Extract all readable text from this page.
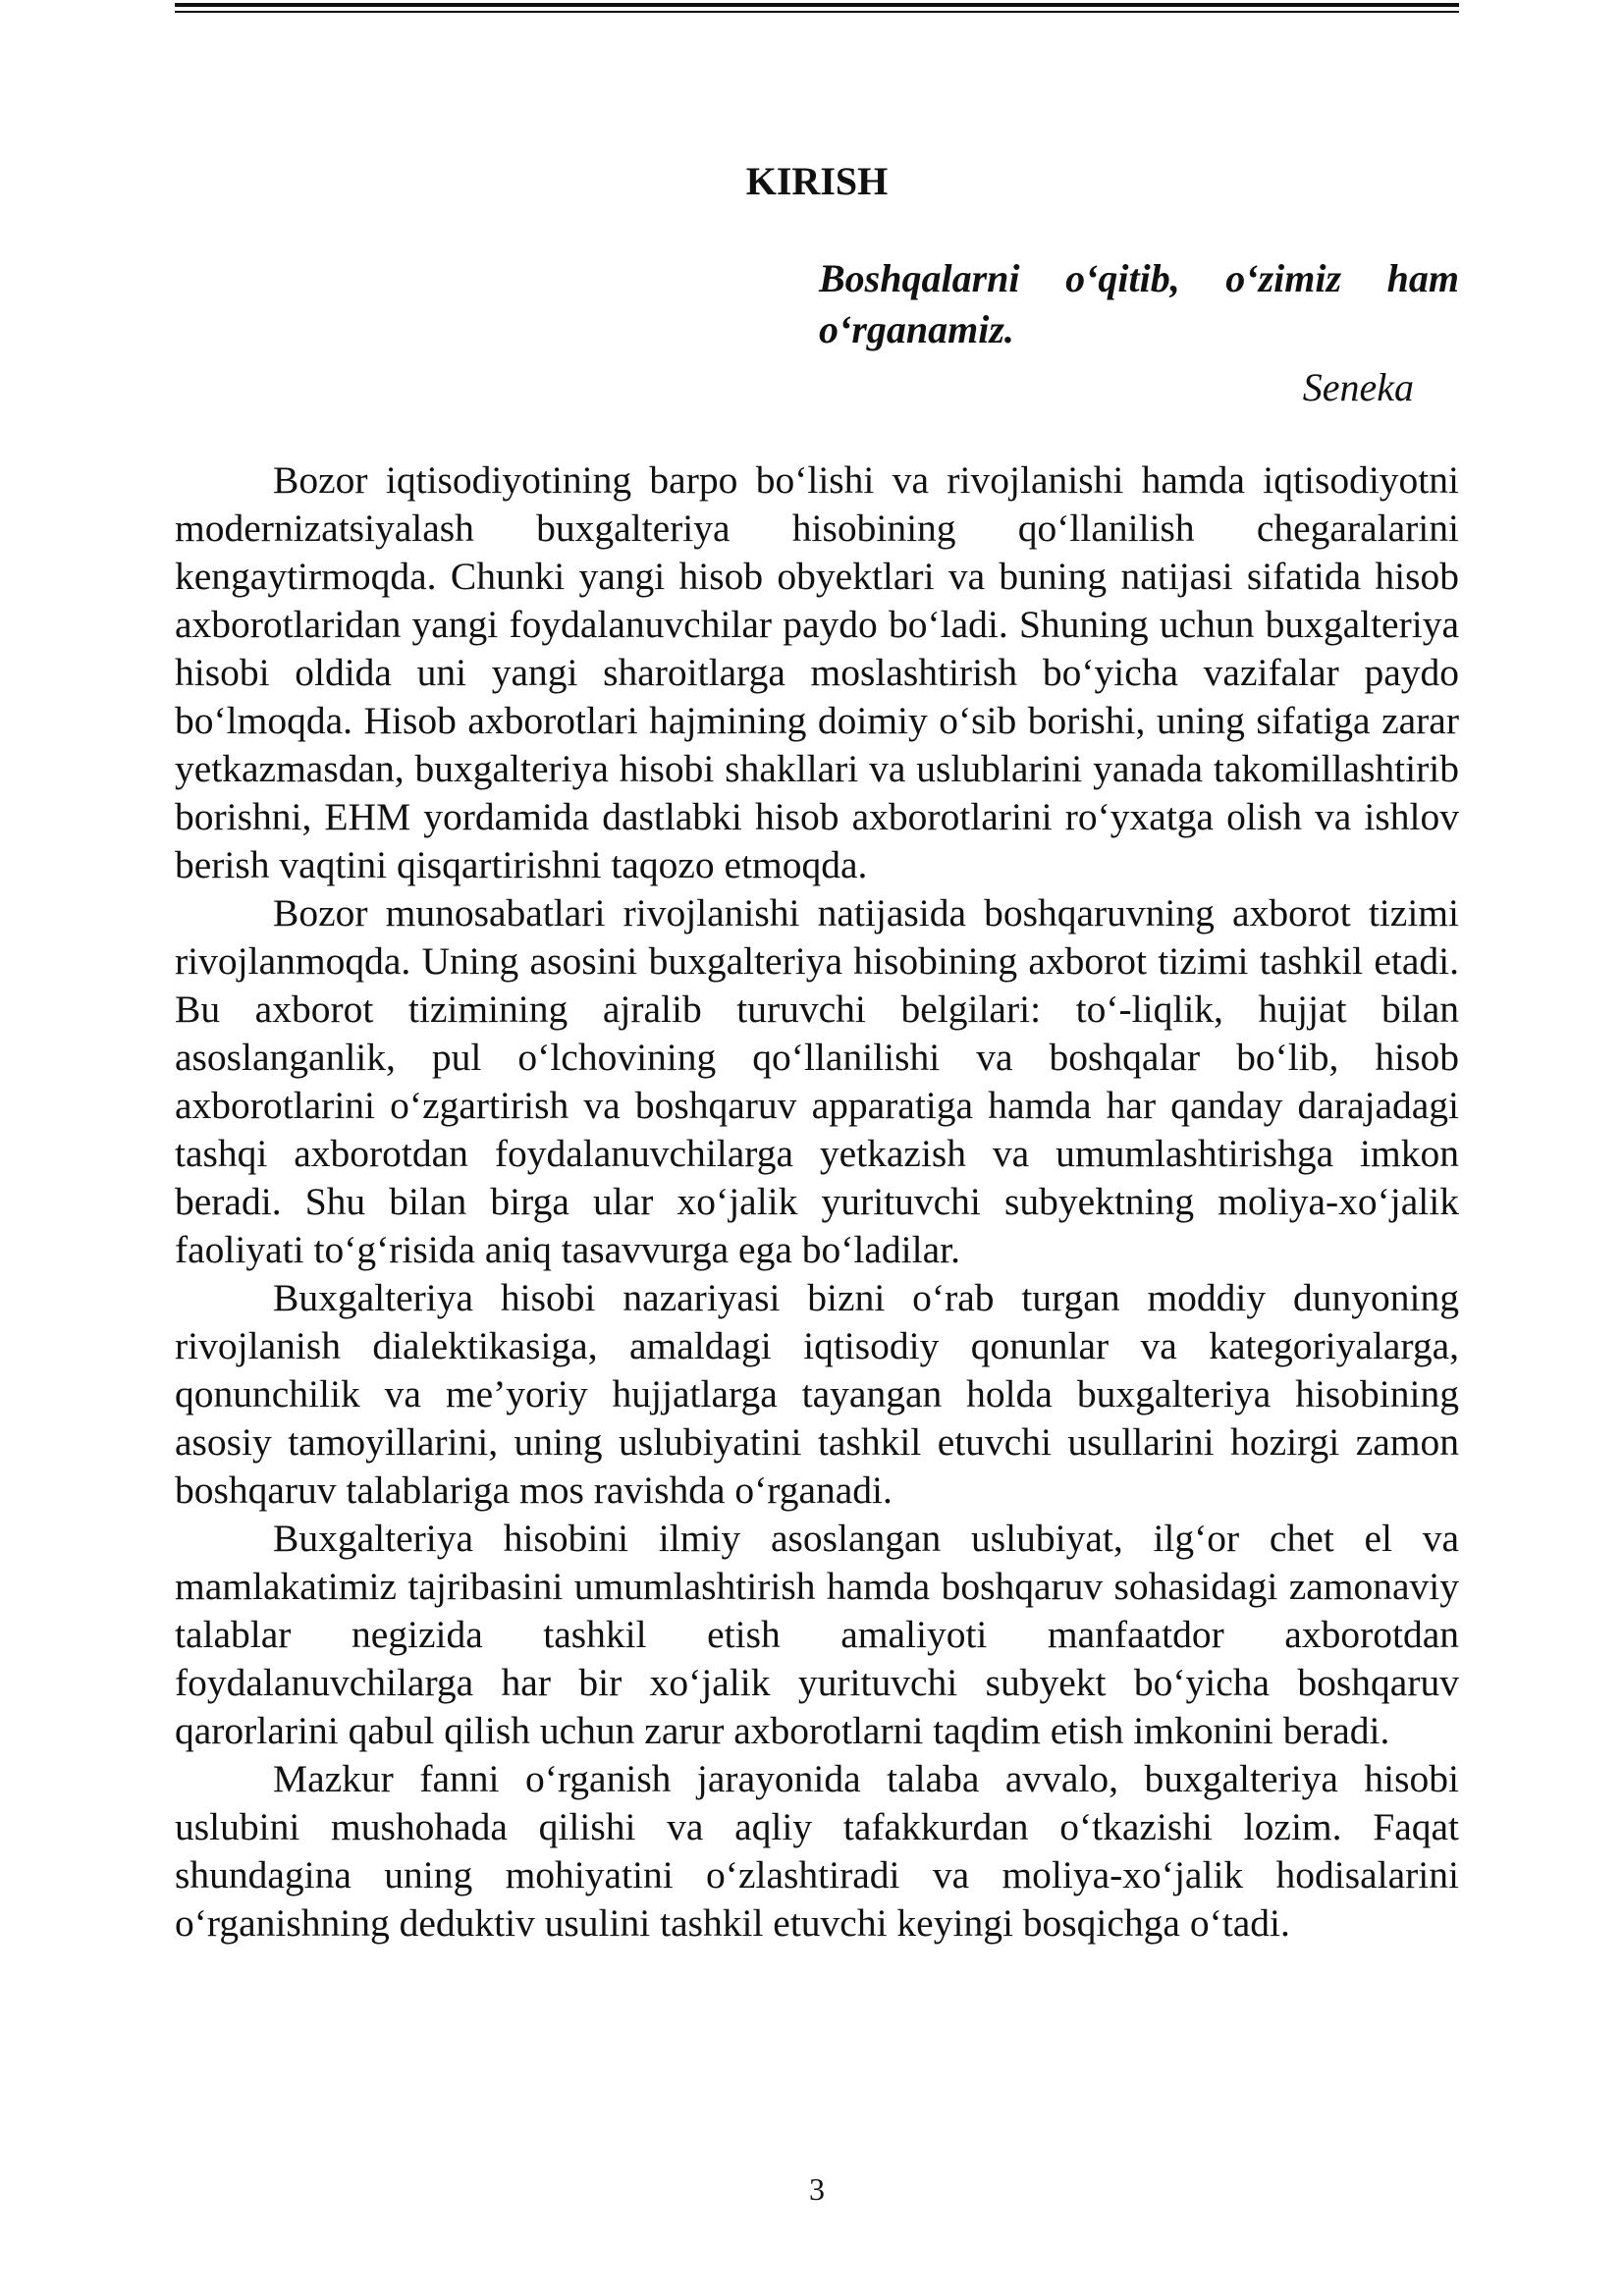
KIRISH

Boshqalarni o‘qitib, o‘zimiz ham o‘rganamiz.

Seneka

Bozor iqtisodiyotining barpo bo‘lishi va rivojlanishi hamda iqtisodiyotni modernizatsiyalash buxgalteriya hisobining qo‘llanilish chegaralarini kengaytirmoqda. Chunki yangi hisob obyektlari va buning natijasi sifatida hisob axborotlaridan yangi foydalanuvchilar paydo bo‘ladi. Shuning uchun buxgalteriya hisobi oldida uni yangi sharoitlarga moslashtirish bo‘yicha vazifalar paydo bo‘lmoqda. Hisob axborotlari hajmining doimiy o‘sib borishi, uning sifatiga zarar yetkazmasdan, buxgalteriya hisobi shakllari va uslublarini yanada takomillashtirib borishni, EHM yordamida dastlabki hisob axborotlarini ro‘yxatga olish va ishlov berish vaqtini qisqartirishni taqozo etmoqda.

Bozor munosabatlari rivojlanishi natijasida boshqaruvning axborot tizimi rivojlanmoqda. Uning asosini buxgalteriya hisobining axborot tizimi tashkil etadi. Bu axborot tizimining ajralib turuvchi belgilari: to‘-liqlik, hujjat bilan asoslanganlik, pul o‘lchovining qo‘llanilishi va boshqalar bo‘lib, hisob axborotlarini o‘zgartirish va boshqaruv apparatiga hamda har qanday darajadagi tashqi axborotdan foydalanuvchilarga yetkazish va umumlashtirishga imkon beradi. Shu bilan birga ular xo‘jalik yurituvchi subyektning moliya-xo‘jalik faoliyati to‘g‘risida aniq tasavvurga ega bo‘ladilar.

Buxgalteriya hisobi nazariyasi bizni o‘rab turgan moddiy dunyoning rivojlanish dialektikasiga, amaldagi iqtisodiy qonunlar va kategoriyalarga, qonunchilik va me’yoriy hujjatlarga tayangan holda buxgalteriya hisobining asosiy tamoyillarini, uning uslubiyatini tashkil etuvchi usullarini hozirgi zamon boshqaruv talablariga mos ravishda o‘rganadi.

Buxgalteriya hisobini ilmiy asoslangan uslubiyat, ilg‘or chet el va mamlakatimiz tajribasini umumlashtirish hamda boshqaruv sohasidagi zamonaviy talablar negizida tashkil etish amaliyoti manfaatdor axborotdan foydalanuvchilarga har bir xo‘jalik yurituvchi subyekt bo‘yicha boshqaruv qarorlarini qabul qilish uchun zarur axborotlarni taqdim etish imkonini beradi.

Mazkur fanni o‘rganish jarayonida talaba avvalo, buxgalteriya hisobi uslubini mushohada qilishi va aqliy tafakkurdan o‘tkazishi lozim. Faqat shundagina uning mohiyatini o‘zlashtiradi va moliya-xo‘jalik hodisalarini o‘rganishning deduktiv usulini tashkil etuvchi keyingi bosqichga o‘tadi.

3
